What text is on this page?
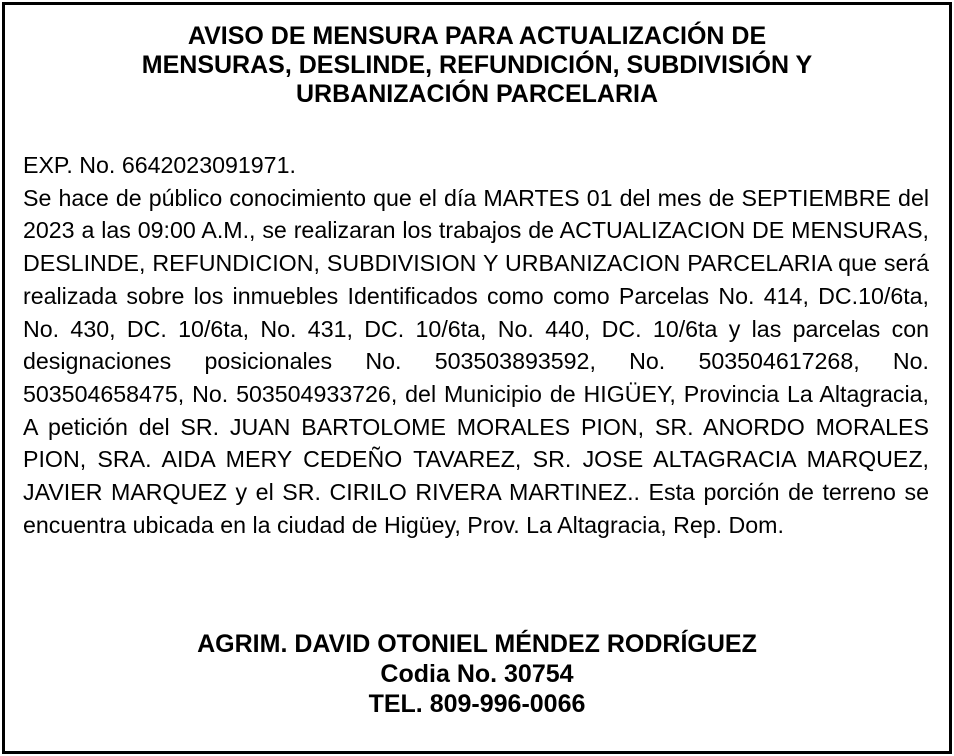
AVISO DE MENSURA PARA ACTUALIZACIÓN DE
MENSURAS, DESLINDE, REFUNDICIÓN, SUBDIVISIÓN Y
URBANIZACIÓN PARCELARIA
EXP. No. 6642023091971.
Se hace de público conocimiento que el día MARTES 01 del mes de SEPTIEMBRE del 2023 a las 09:00 A.M., se realizaran los trabajos de ACTUALIZACION DE MENSURAS, DESLINDE, REFUNDICION, SUBDIVISION Y URBANIZACION PARCELARIA que será realizada sobre los inmuebles Identificados como como Parcelas No. 414, DC.10/6ta, No. 430, DC. 10/6ta, No. 431, DC. 10/6ta, No. 440, DC. 10/6ta y las parcelas con designaciones posicionales No. 503503893592, No. 503504617268, No. 503504658475, No. 503504933726, del Municipio de HIGÜEY, Provincia La Altagracia, A petición del SR. JUAN BARTOLOME MORALES PION, SR. ANORDO MORALES PION, SRA. AIDA MERY CEDEÑO TAVAREZ, SR. JOSE ALTAGRACIA MARQUEZ, JAVIER MARQUEZ y el SR. CIRILO RIVERA MARTINEZ.. Esta porción de terreno se encuentra ubicada en la ciudad de Higüey, Prov. La Altagracia, Rep. Dom.
AGRIM. DAVID OTONIEL MÉNDEZ RODRÍGUEZ
Codia No. 30754
TEL. 809-996-0066
